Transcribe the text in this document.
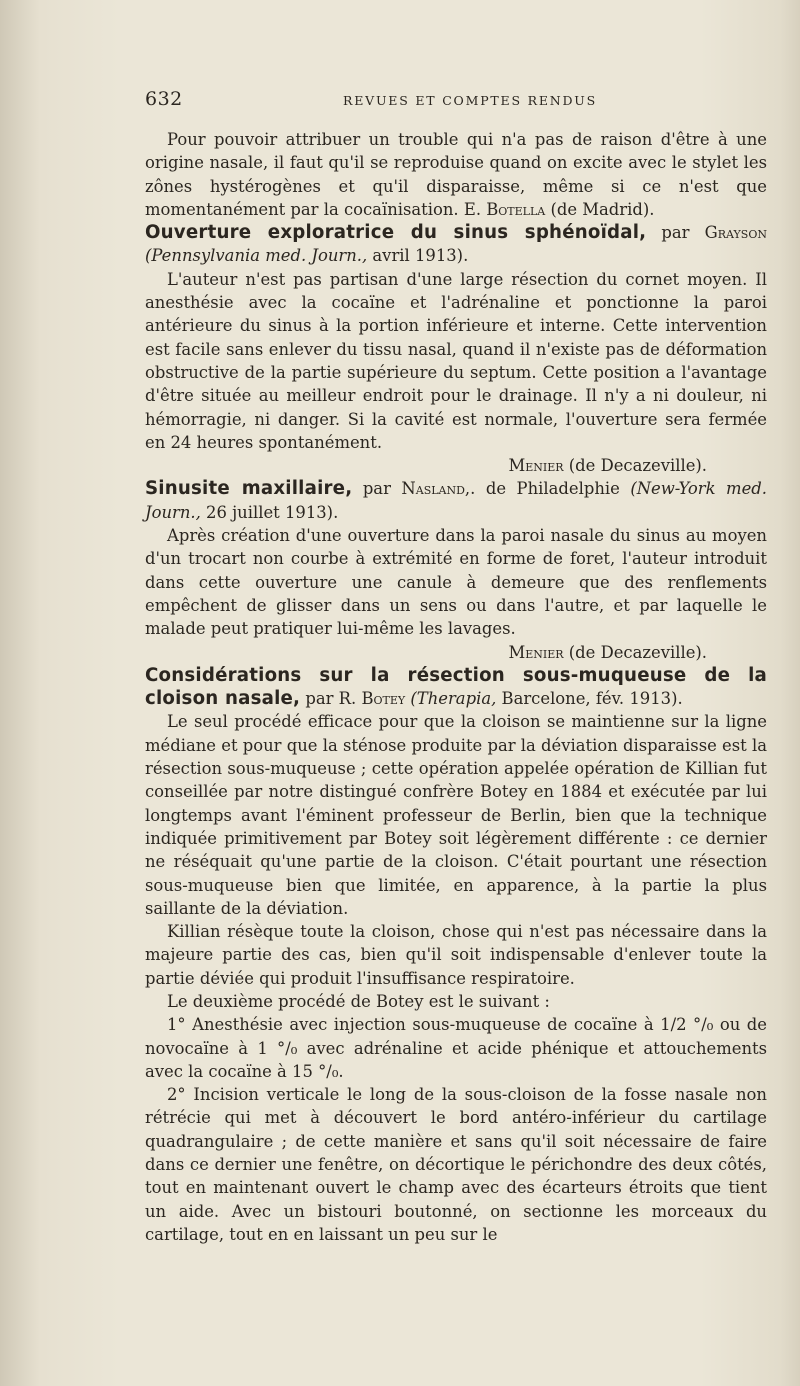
632	REVUES ET COMPTES RENDUS

Pour pouvoir attribuer un trouble qui n'a pas de raison d'être à une origine nasale, il faut qu'il se reproduise quand on excite avec le stylet les zônes hystérogènes et qu'il disparaisse, même si ce n'est que momentanément par la cocaïnisation. E. Botella (de Madrid).

Ouverture exploratrice du sinus sphénoïdal, par Grayson (Pennsylvania med. Journ., avril 1913).

L'auteur n'est pas partisan d'une large résection du cornet moyen. Il anesthésie avec la cocaïne et l'adrénaline et ponctionne la paroi antérieure du sinus à la portion inférieure et interne. Cette intervention est facile sans enlever du tissu nasal, quand il n'existe pas de déformation obstructive de la partie supérieure du septum. Cette position a l'avantage d'être située au meilleur endroit pour le drainage. Il n'y a ni douleur, ni hémorragie, ni danger. Si la cavité est normale, l'ouverture sera fermée en 24 heures spontanément.

Menier (de Decazeville).

Sinusite maxillaire, par Nasland,. de Philadelphie (New-York med. Journ., 26 juillet 1913).

Après création d'une ouverture dans la paroi nasale du sinus au moyen d'un trocart non courbe à extrémité en forme de foret, l'auteur introduit dans cette ouverture une canule à demeure que des renflements empêchent de glisser dans un sens ou dans l'autre, et par laquelle le malade peut pratiquer lui-même les lavages.

Menier (de Decazeville).

Considérations sur la résection sous-muqueuse de la cloison nasale, par R. Botey (Therapia, Barcelone, fév. 1913).

Le seul procédé efficace pour que la cloison se maintienne sur la ligne médiane et pour que la sténose produite par la déviation disparaisse est la résection sous-muqueuse ; cette opération appelée opération de Killian fut conseillée par notre distingué confrère Botey en 1884 et exécutée par lui longtemps avant l'éminent professeur de Berlin, bien que la technique indiquée primitivement par Botey soit légèrement différente : ce dernier ne réséquait qu'une partie de la cloison. C'était pourtant une résection sous-muqueuse bien que limitée, en apparence, à la partie la plus saillante de la déviation.

Killian résèque toute la cloison, chose qui n'est pas nécessaire dans la majeure partie des cas, bien qu'il soit indispensable d'enlever toute la partie déviée qui produit l'insuffisance respiratoire.

Le deuxième procédé de Botey est le suivant :

1° Anesthésie avec injection sous-muqueuse de cocaïne à 1/2 °/₀ ou de novocaïne à 1 °/₀ avec adrénaline et acide phénique et attouchements avec la cocaïne à 15 °/₀.

2° Incision verticale le long de la sous-cloison de la fosse nasale non rétrécie qui met à découvert le bord antéro-inférieur du cartilage quadrangulaire ; de cette manière et sans qu'il soit nécessaire de faire dans ce dernier une fenêtre, on décortique le périchondre des deux côtés, tout en maintenant ouvert le champ avec des écarteurs étroits que tient un aide. Avec un bistouri boutonné, on sectionne les morceaux du cartilage, tout en en laissant un peu sur le
